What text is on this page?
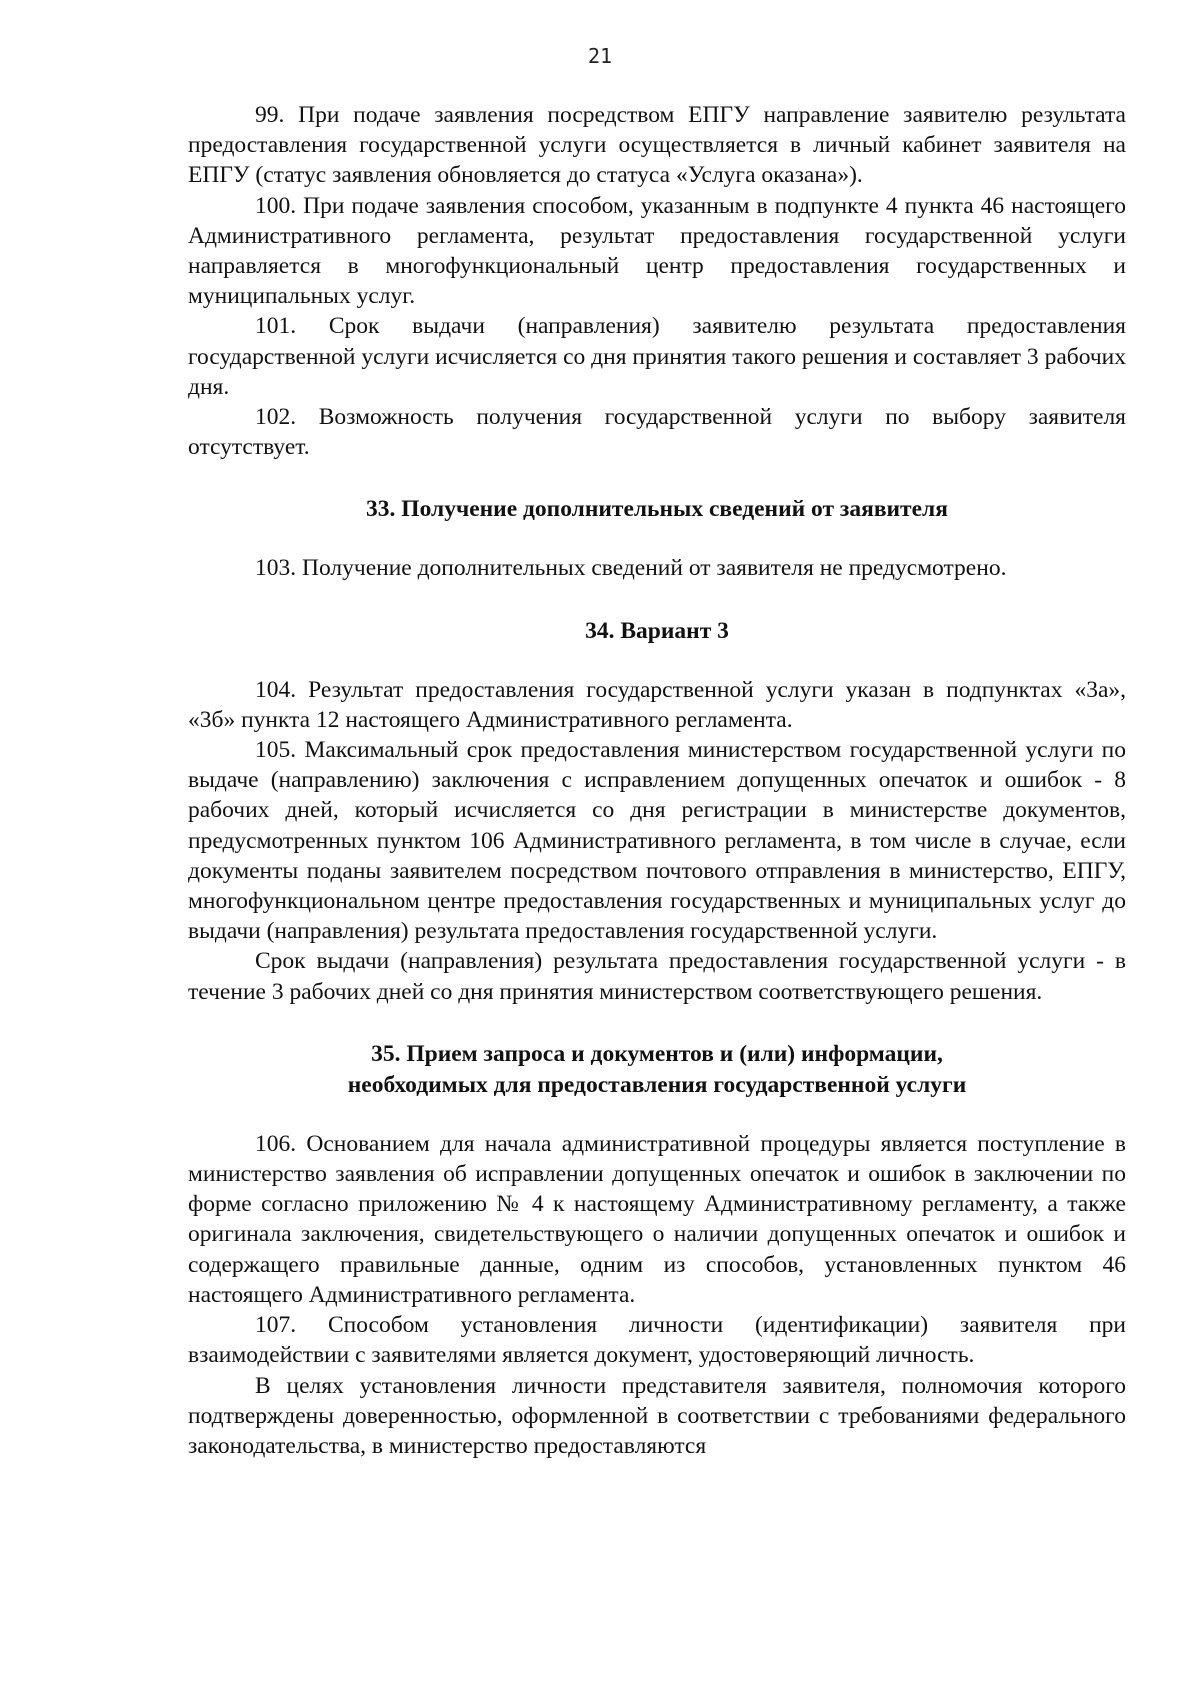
21

99. При подаче заявления посредством ЕПГУ направление заявителю результата предоставления государственной услуги осуществляется в личный кабинет заявителя на ЕПГУ (статус заявления обновляется до статуса «Услуга оказана»).

100. При подаче заявления способом, указанным в подпункте 4 пункта 46 настоящего Административного регламента, результат предоставления государственной услуги направляется в многофункциональный центр предоставления государственных и муниципальных услуг.

101. Срок выдачи (направления) заявителю результата предоставления государственной услуги исчисляется со дня принятия такого решения и составляет 3 рабочих дня.

102. Возможность получения государственной услуги по выбору заявителя отсутствует.

33. Получение дополнительных сведений от заявителя

103. Получение дополнительных сведений от заявителя не предусмотрено.

34. Вариант 3

104. Результат предоставления государственной услуги указан в подпунктах «3а», «3б» пункта 12 настоящего Административного регламента.

105. Максимальный срок предоставления министерством государственной услуги по выдаче (направлению) заключения с исправлением допущенных опечаток и ошибок - 8 рабочих дней, который исчисляется со дня регистрации в министерстве документов, предусмотренных пунктом 106 Административного регламента, в том числе в случае, если документы поданы заявителем посредством почтового отправления в министерство, ЕПГУ, многофункциональном центре предоставления государственных и муниципальных услуг до выдачи (направления) результата предоставления государственной услуги.

Срок выдачи (направления) результата предоставления государственной услуги - в течение 3 рабочих дней со дня принятия министерством соответствующего решения.

35. Прием запроса и документов и (или) информации,
необходимых для предоставления государственной услуги

106. Основанием для начала административной процедуры является поступление в министерство заявления об исправлении допущенных опечаток и ошибок в заключении по форме согласно приложению № 4 к настоящему Административному регламенту, а также оригинала заключения, свидетельствующего о наличии допущенных опечаток и ошибок и содержащего правильные данные, одним из способов, установленных пунктом 46 настоящего Административного регламента.

107. Способом установления личности (идентификации) заявителя при взаимодействии с заявителями является документ, удостоверяющий личность.

В целях установления личности представителя заявителя, полномочия которого подтверждены доверенностью, оформленной в соответствии с требованиями федерального законодательства, в министерство предоставляются
